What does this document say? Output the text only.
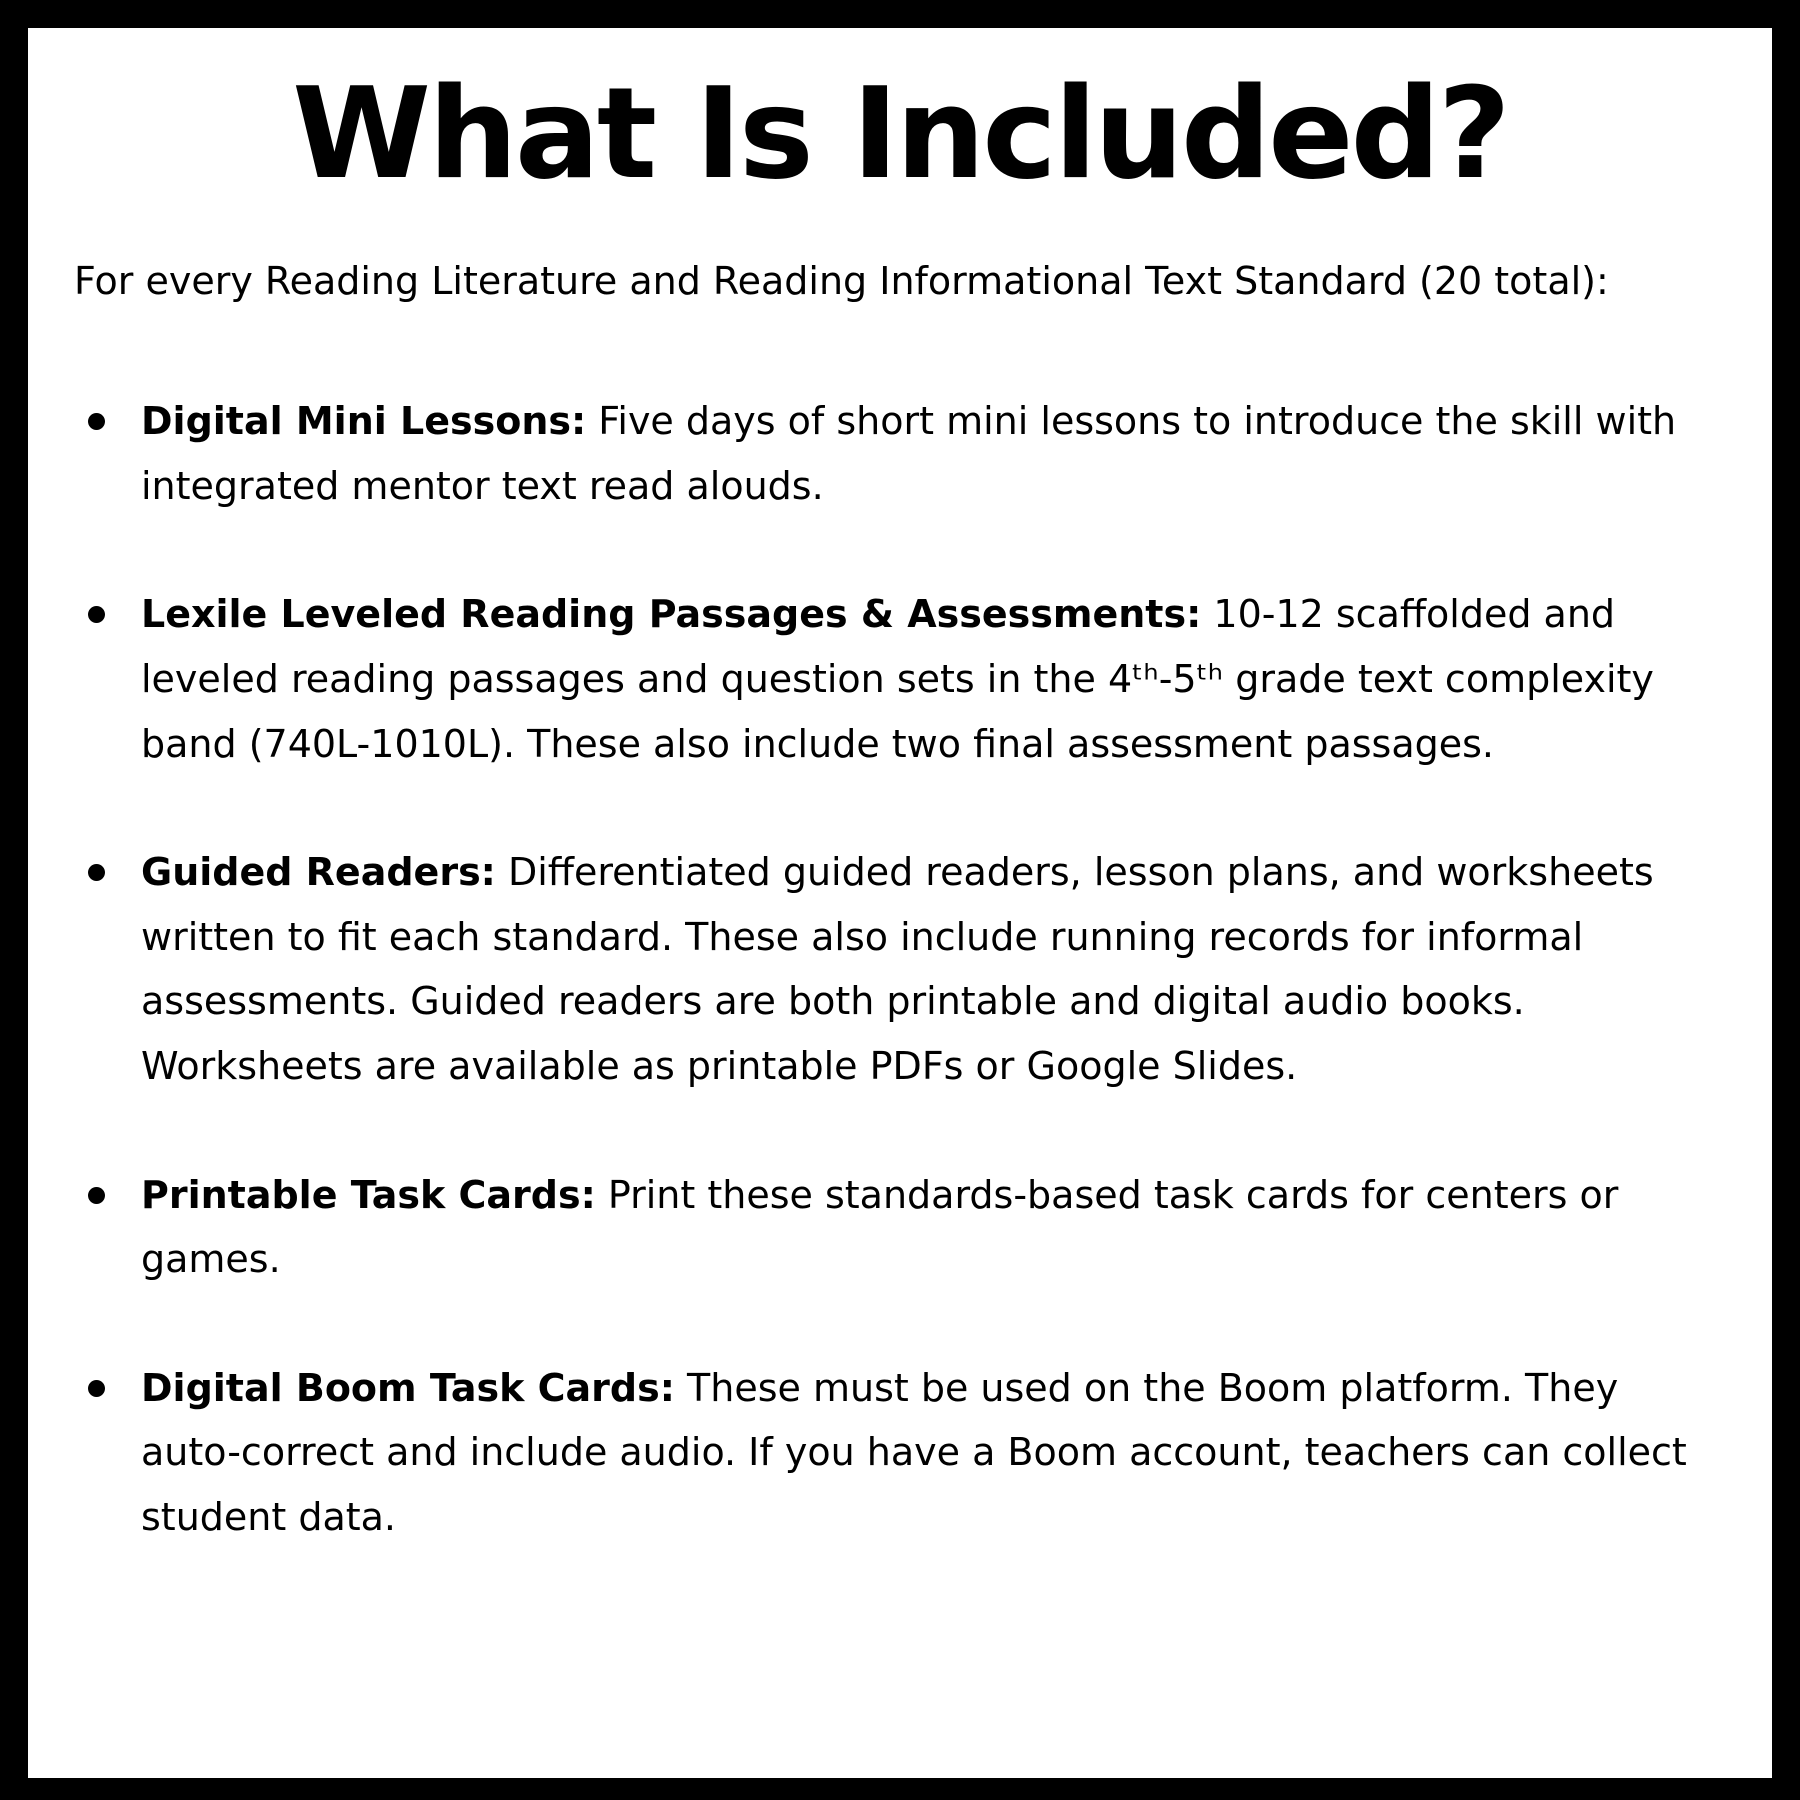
What Is Included?

For every Reading Literature and Reading Informational Text Standard (20 total):

Digital Mini Lessons: Five days of short mini lessons to introduce the skill with integrated mentor text read alouds.
Lexile Leveled Reading Passages & Assessments: 10-12 scaffolded and leveled reading passages and question sets in the 4ᵗʰ-5ᵗʰ grade text complexity band (740L-1010L). These also include two final assessment passages.
Guided Readers: Differentiated guided readers, lesson plans, and worksheets written to fit each standard. These also include running records for informal assessments. Guided readers are both printable and digital audio books. Worksheets are available as printable PDFs or Google Slides.
Printable Task Cards: Print these standards-based task cards for centers or games.
Digital Boom Task Cards: These must be used on the Boom platform. They auto-correct and include audio. If you have a Boom account, teachers can collect student data.
